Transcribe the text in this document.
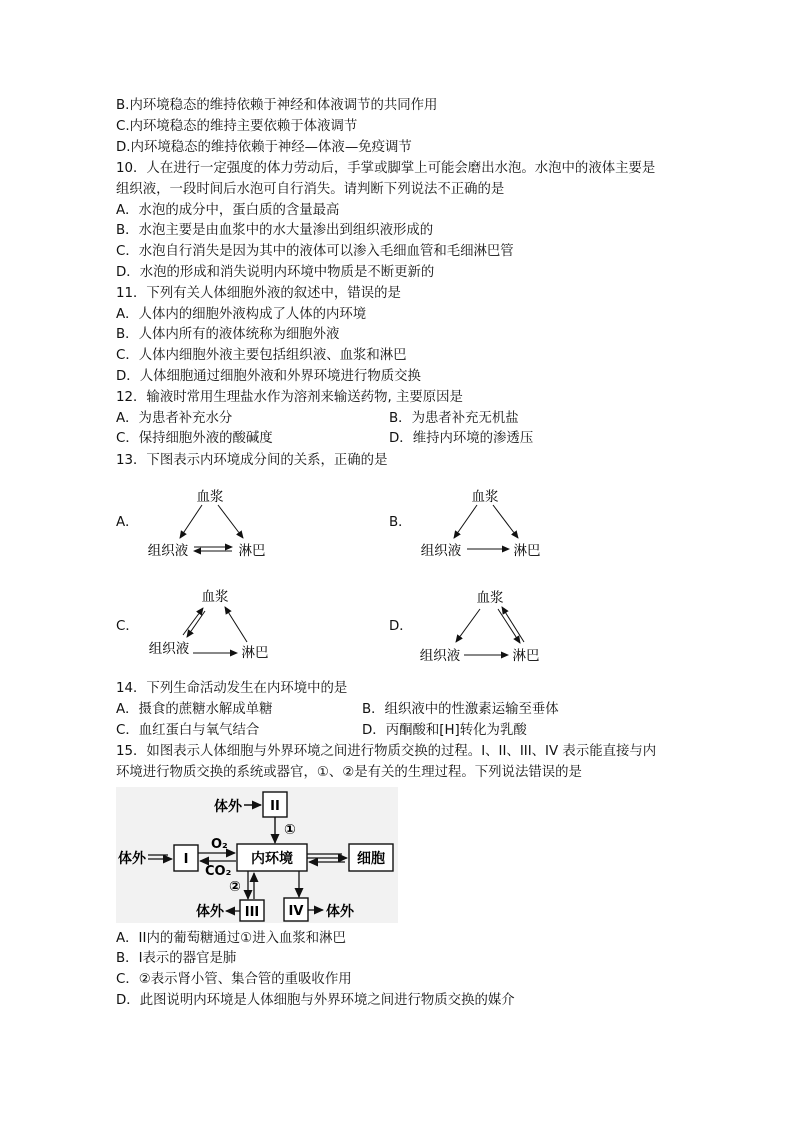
B.内环境稳态的维持依赖于神经和体液调节的共同作用
C.内环境稳态的维持主要依赖于体液调节
D.内环境稳态的维持依赖于神经—体液—免疫调节
10．人在进行一定强度的体力劳动后，手掌或脚掌上可能会磨出水泡。水泡中的液体主要是
组织液，一段时间后水泡可自行消失。请判断下列说法不正确的是
A．水泡的成分中，蛋白质的含量最高
B．水泡主要是由血浆中的水大量渗出到组织液形成的
C．水泡自行消失是因为其中的液体可以渗入毛细血管和毛细淋巴管
D．水泡的形成和消失说明内环境中物质是不断更新的
11．下列有关人体细胞外液的叙述中，错误的是
A．人体内的细胞外液构成了人体的内环境
B．人体内所有的液体统称为细胞外液
C．人体内细胞外液主要包括组织液、血浆和淋巴
D．人体细胞通过细胞外液和外界环境进行物质交换
12．输液时常用生理盐水作为溶剂来输送药物, 主要原因是
A．为患者补充水分	B．为患者补充无机盐
C．保持细胞外液的酸碱度	D．维持内环境的渗透压
13．下图表示内环境成分间的关系，正确的是
A．	B．
C．	D．
血浆
组织液	淋巴
血浆
组织液	淋巴
血浆
组织液	淋巴
血浆
组织液	淋巴
14．下列生命活动发生在内环境中的是
A．摄食的蔗糖水解成单糖	B．组织液中的性激素运输至垂体
C．血红蛋白与氧气结合	D．丙酮酸和[H]转化为乳酸
15．如图表示人体细胞与外界环境之间进行物质交换的过程。I、II、III、IV 表示能直接与内
环境进行物质交换的系统或器官，①、②是有关的生理过程。下列说法错误的是
体外 II
①
体外	I
O₂
CO₂
内环境	细胞
②
III
体外	IV 体外
A．II内的葡萄糖通过①进入血浆和淋巴
B．I表示的器官是肺
C．②表示肾小管、集合管的重吸收作用
D．此图说明内环境是人体细胞与外界环境之间进行物质交换的媒介
